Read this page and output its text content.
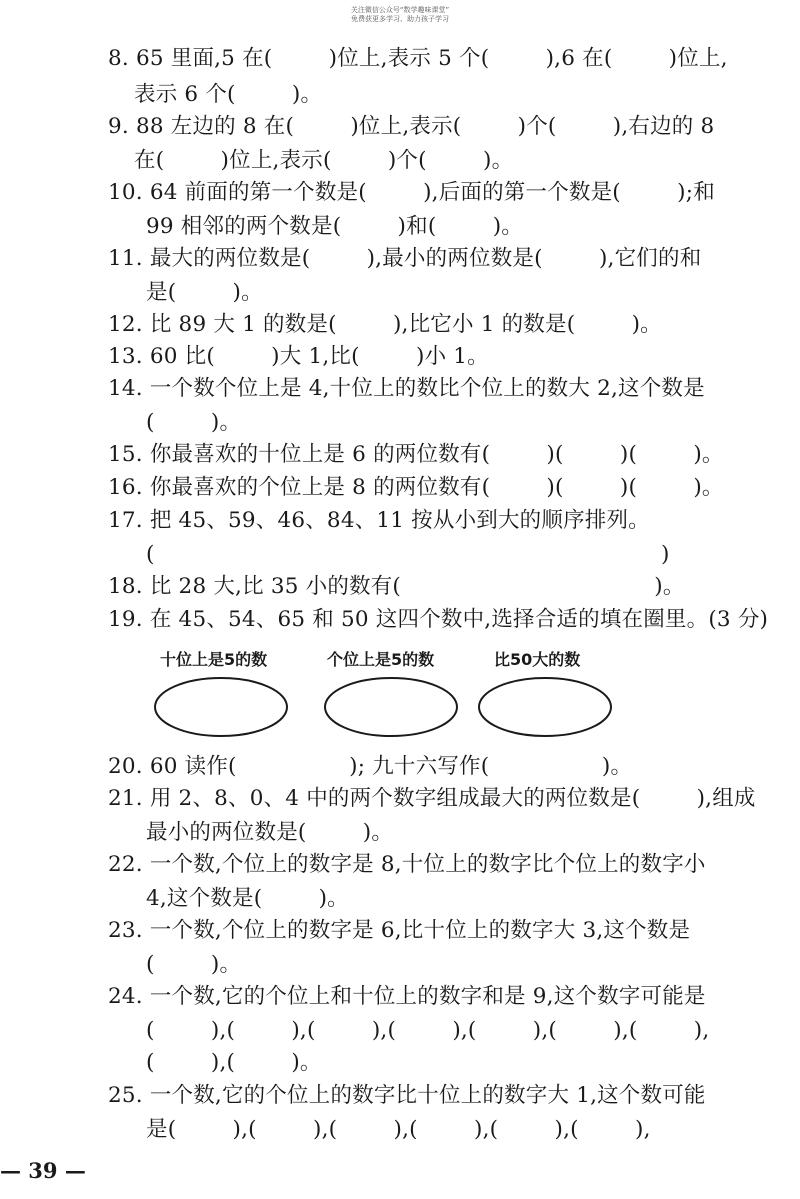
关注微信公众号“数学趣味课堂”
免费获更多学习、助力孩子学习
8. 65 里面,5 在(        )位上,表示 5 个(        ),6 在(        )位上,
表示 6 个(        )。
9. 88 左边的 8 在(        )位上,表示(        )个(        ),右边的 8
在(        )位上,表示(        )个(        )。
10. 64 前面的第一个数是(        ),后面的第一个数是(        );和
99 相邻的两个数是(        )和(        )。
11. 最大的两位数是(        ),最小的两位数是(        ),它们的和
是(        )。
12. 比 89 大 1 的数是(        ),比它小 1 的数是(        )。
13. 60 比(        )大 1,比(        )小 1。
14. 一个数个位上是 4,十位上的数比个位上的数大 2,这个数是
(        )。
15. 你最喜欢的十位上是 6 的两位数有(        )(        )(        )。
16. 你最喜欢的个位上是 8 的两位数有(        )(        )(        )。
17. 把 45、59、46、84、11 按从小到大的顺序排列。
(                                                                        )
18. 比 28 大,比 35 小的数有(                                    )。
19. 在 45、54、65 和 50 这四个数中,选择合适的填在圈里。(3 分)
十位上是5的数	个位上是5的数	比50大的数
20. 60 读作(                ); 九十六写作(                )。
21. 用 2、8、0、4 中的两个数字组成最大的两位数是(        ),组成
最小的两位数是(        )。
22. 一个数,个位上的数字是 8,十位上的数字比个位上的数字小
4,这个数是(        )。
23. 一个数,个位上的数字是 6,比十位上的数字大 3,这个数是
(        )。
24. 一个数,它的个位上和十位上的数字和是 9,这个数字可能是
(        ),(        ),(        ),(        ),(        ),(        ),(        ),
(        ),(        )。
25. 一个数,它的个位上的数字比十位上的数字大 1,这个数可能
是(        ),(        ),(        ),(        ),(        ),(        ),
— 39 —
